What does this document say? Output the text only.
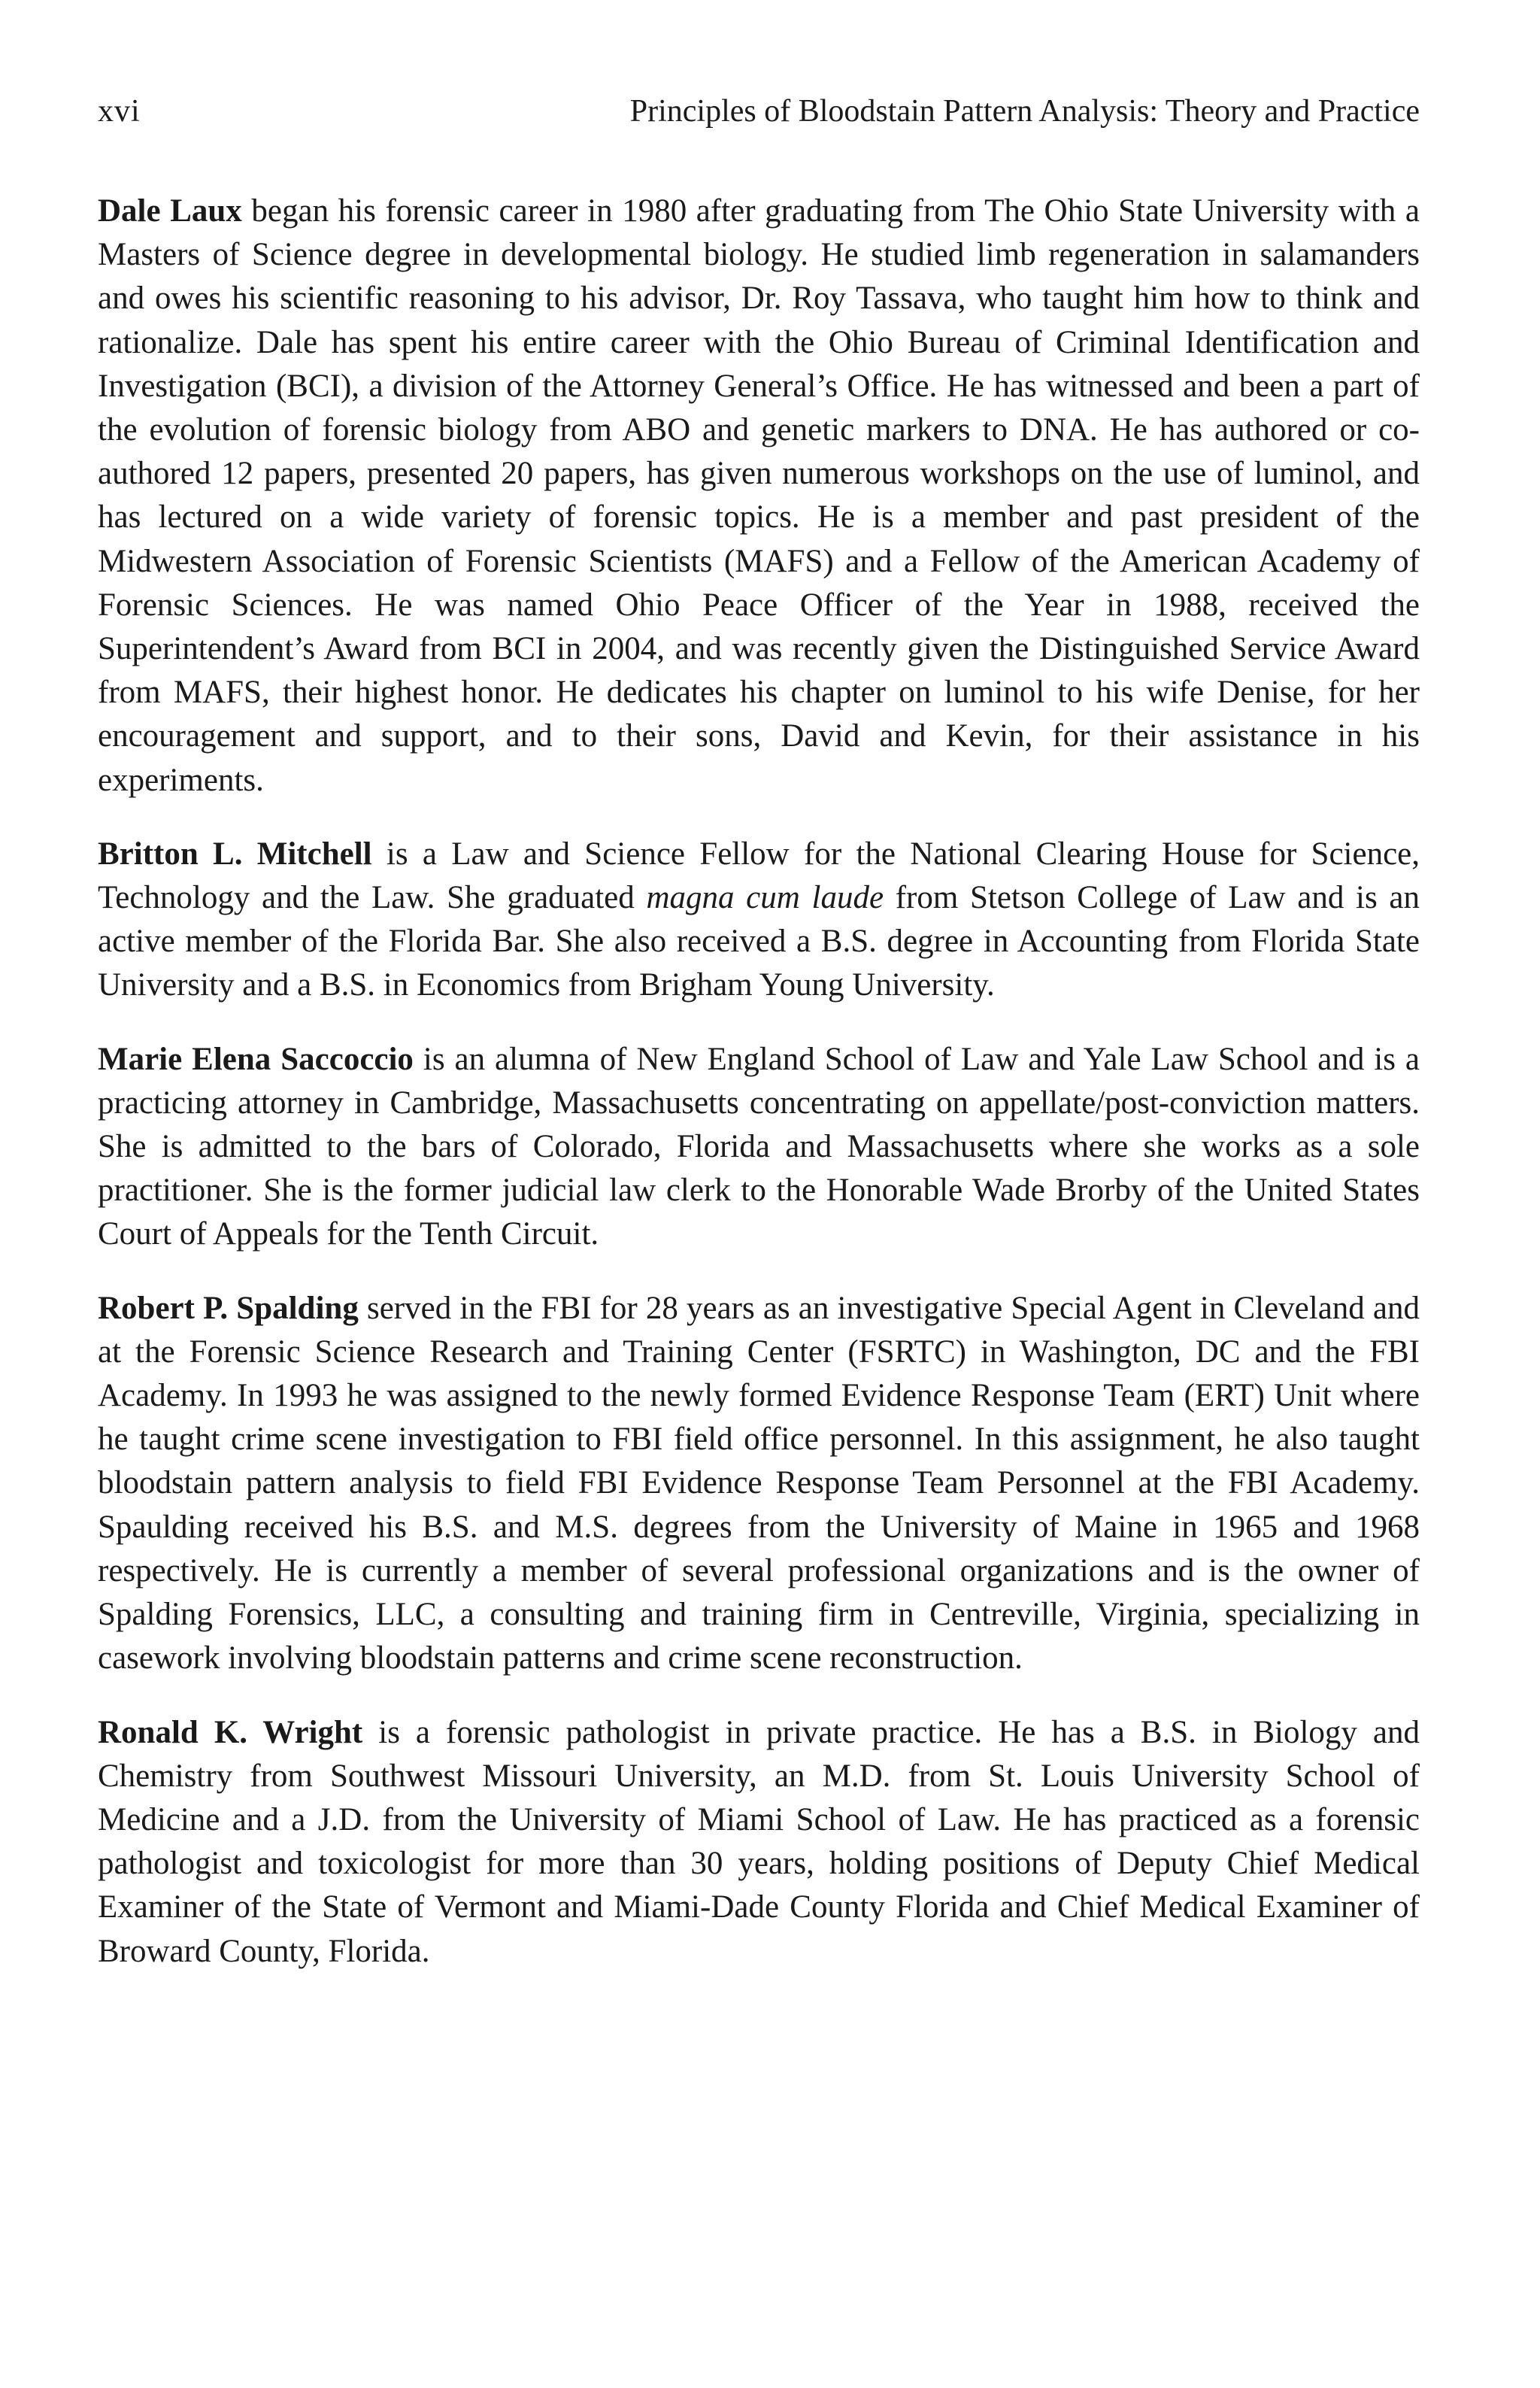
xvi	Principles of Bloodstain Pattern Analysis: Theory and Practice

Dale Laux began his forensic career in 1980 after graduating from The Ohio State University with a Masters of Science degree in developmental biology. He studied limb regeneration in salamanders and owes his scientific reasoning to his advisor, Dr. Roy Tassava, who taught him how to think and rationalize. Dale has spent his entire career with the Ohio Bureau of Criminal Identification and Investigation (BCI), a division of the Attorney General’s Office. He has witnessed and been a part of the evolution of forensic biology from ABO and genetic markers to DNA. He has authored or co-authored 12 papers, presented 20 papers, has given numerous workshops on the use of luminol, and has lectured on a wide variety of forensic topics. He is a member and past president of the Midwestern Association of Forensic Scientists (MAFS) and a Fellow of the American Academy of Forensic Sciences. He was named Ohio Peace Officer of the Year in 1988, received the Superintendent’s Award from BCI in 2004, and was recently given the Distinguished Service Award from MAFS, their highest honor. He dedicates his chapter on luminol to his wife Denise, for her encouragement and support, and to their sons, David and Kevin, for their assistance in his experiments.

Britton L. Mitchell is a Law and Science Fellow for the National Clearing House for Science, Technology and the Law. She graduated magna cum laude from Stetson College of Law and is an active member of the Florida Bar. She also received a B.S. degree in Accounting from Florida State University and a B.S. in Economics from Brigham Young University.

Marie Elena Saccoccio is an alumna of New England School of Law and Yale Law School and is a practicing attorney in Cambridge, Massachusetts concentrating on appellate/post-conviction matters. She is admitted to the bars of Colorado, Florida and Massachusetts where she works as a sole practitioner. She is the former judicial law clerk to the Honorable Wade Brorby of the United States Court of Appeals for the Tenth Circuit.

Robert P. Spalding served in the FBI for 28 years as an investigative Special Agent in Cleveland and at the Forensic Science Research and Training Center (FSRTC) in Washington, DC and the FBI Academy. In 1993 he was assigned to the newly formed Evidence Response Team (ERT) Unit where he taught crime scene investigation to FBI field office personnel. In this assignment, he also taught bloodstain pattern analysis to field FBI Evidence Response Team Personnel at the FBI Academy. Spaulding received his B.S. and M.S. degrees from the University of Maine in 1965 and 1968 respectively. He is currently a member of several professional organizations and is the owner of Spalding Forensics, LLC, a consulting and training firm in Centreville, Virginia, specializing in casework involving bloodstain patterns and crime scene reconstruction.

Ronald K. Wright is a forensic pathologist in private practice. He has a B.S. in Biology and Chemistry from Southwest Missouri University, an M.D. from St. Louis University School of Medicine and a J.D. from the University of Miami School of Law. He has practiced as a forensic pathologist and toxicologist for more than 30 years, holding positions of Deputy Chief Medical Examiner of the State of Vermont and Miami-Dade County Florida and Chief Medical Examiner of Broward County, Florida.
